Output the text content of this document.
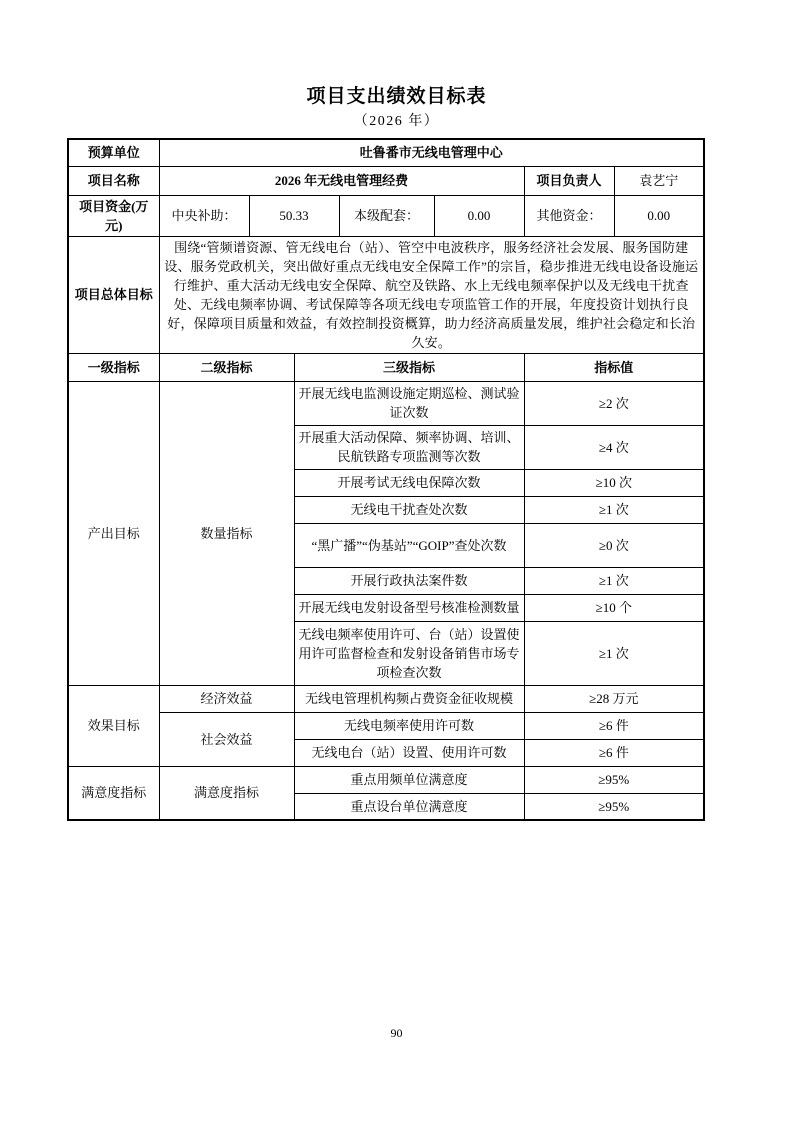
项目支出绩效目标表
（2026 年）
预算单位	吐鲁番市无线电管理中心						
项目名称	2026 年无线电管理经费					项目负责人	袁艺宁
项目资金(万元)	中央补助：	50.33		本级配套：	0.00	其他资金：	0.00
项目总体目标	围绕“管频谱资源、管无线电台（站）、管空中电波秩序，服务经济社会发展、服务国防建设、服务党政机关，突出做好重点无线电安全保障工作”的宗旨，稳步推进无线电设备设施运行维护、重大活动无线电安全保障、航空及铁路、水上无线电频率保护以及无线电干扰查处、无线电频率协调、考试保障等各项无线电专项监管工作的开展，年度投资计划执行良好，保障项目质量和效益，有效控制投资概算，助力经济高质量发展，维护社会稳定和长治久安。						
一级指标	二级指标		三级指标			指标值	
产出目标	数量指标		开展无线电监测设施定期巡检、测试验证次数			≥2 次	
			开展重大活动保障、频率协调、培训、民航铁路专项监测等次数			≥4 次	
			开展考试无线电保障次数			≥10 次	
			无线电干扰查处次数			≥1 次	
			“黑广播”“伪基站”“GOIP”查处次数			≥0 次	
			开展行政执法案件数			≥1 次	
			开展无线电发射设备型号核准检测数量			≥10 个	
			无线电频率使用许可、台（站）设置使用许可监督检查和发射设备销售市场专项检查次数			≥1 次	
效果目标	经济效益		无线电管理机构频占费资金征收规模			≥28 万元	
	社会效益		无线电频率使用许可数			≥6 件	
			无线电台（站）设置、使用许可数			≥6 件	
满意度指标	满意度指标		重点用频单位满意度			≥95%	
			重点设台单位满意度			≥95%	
90
